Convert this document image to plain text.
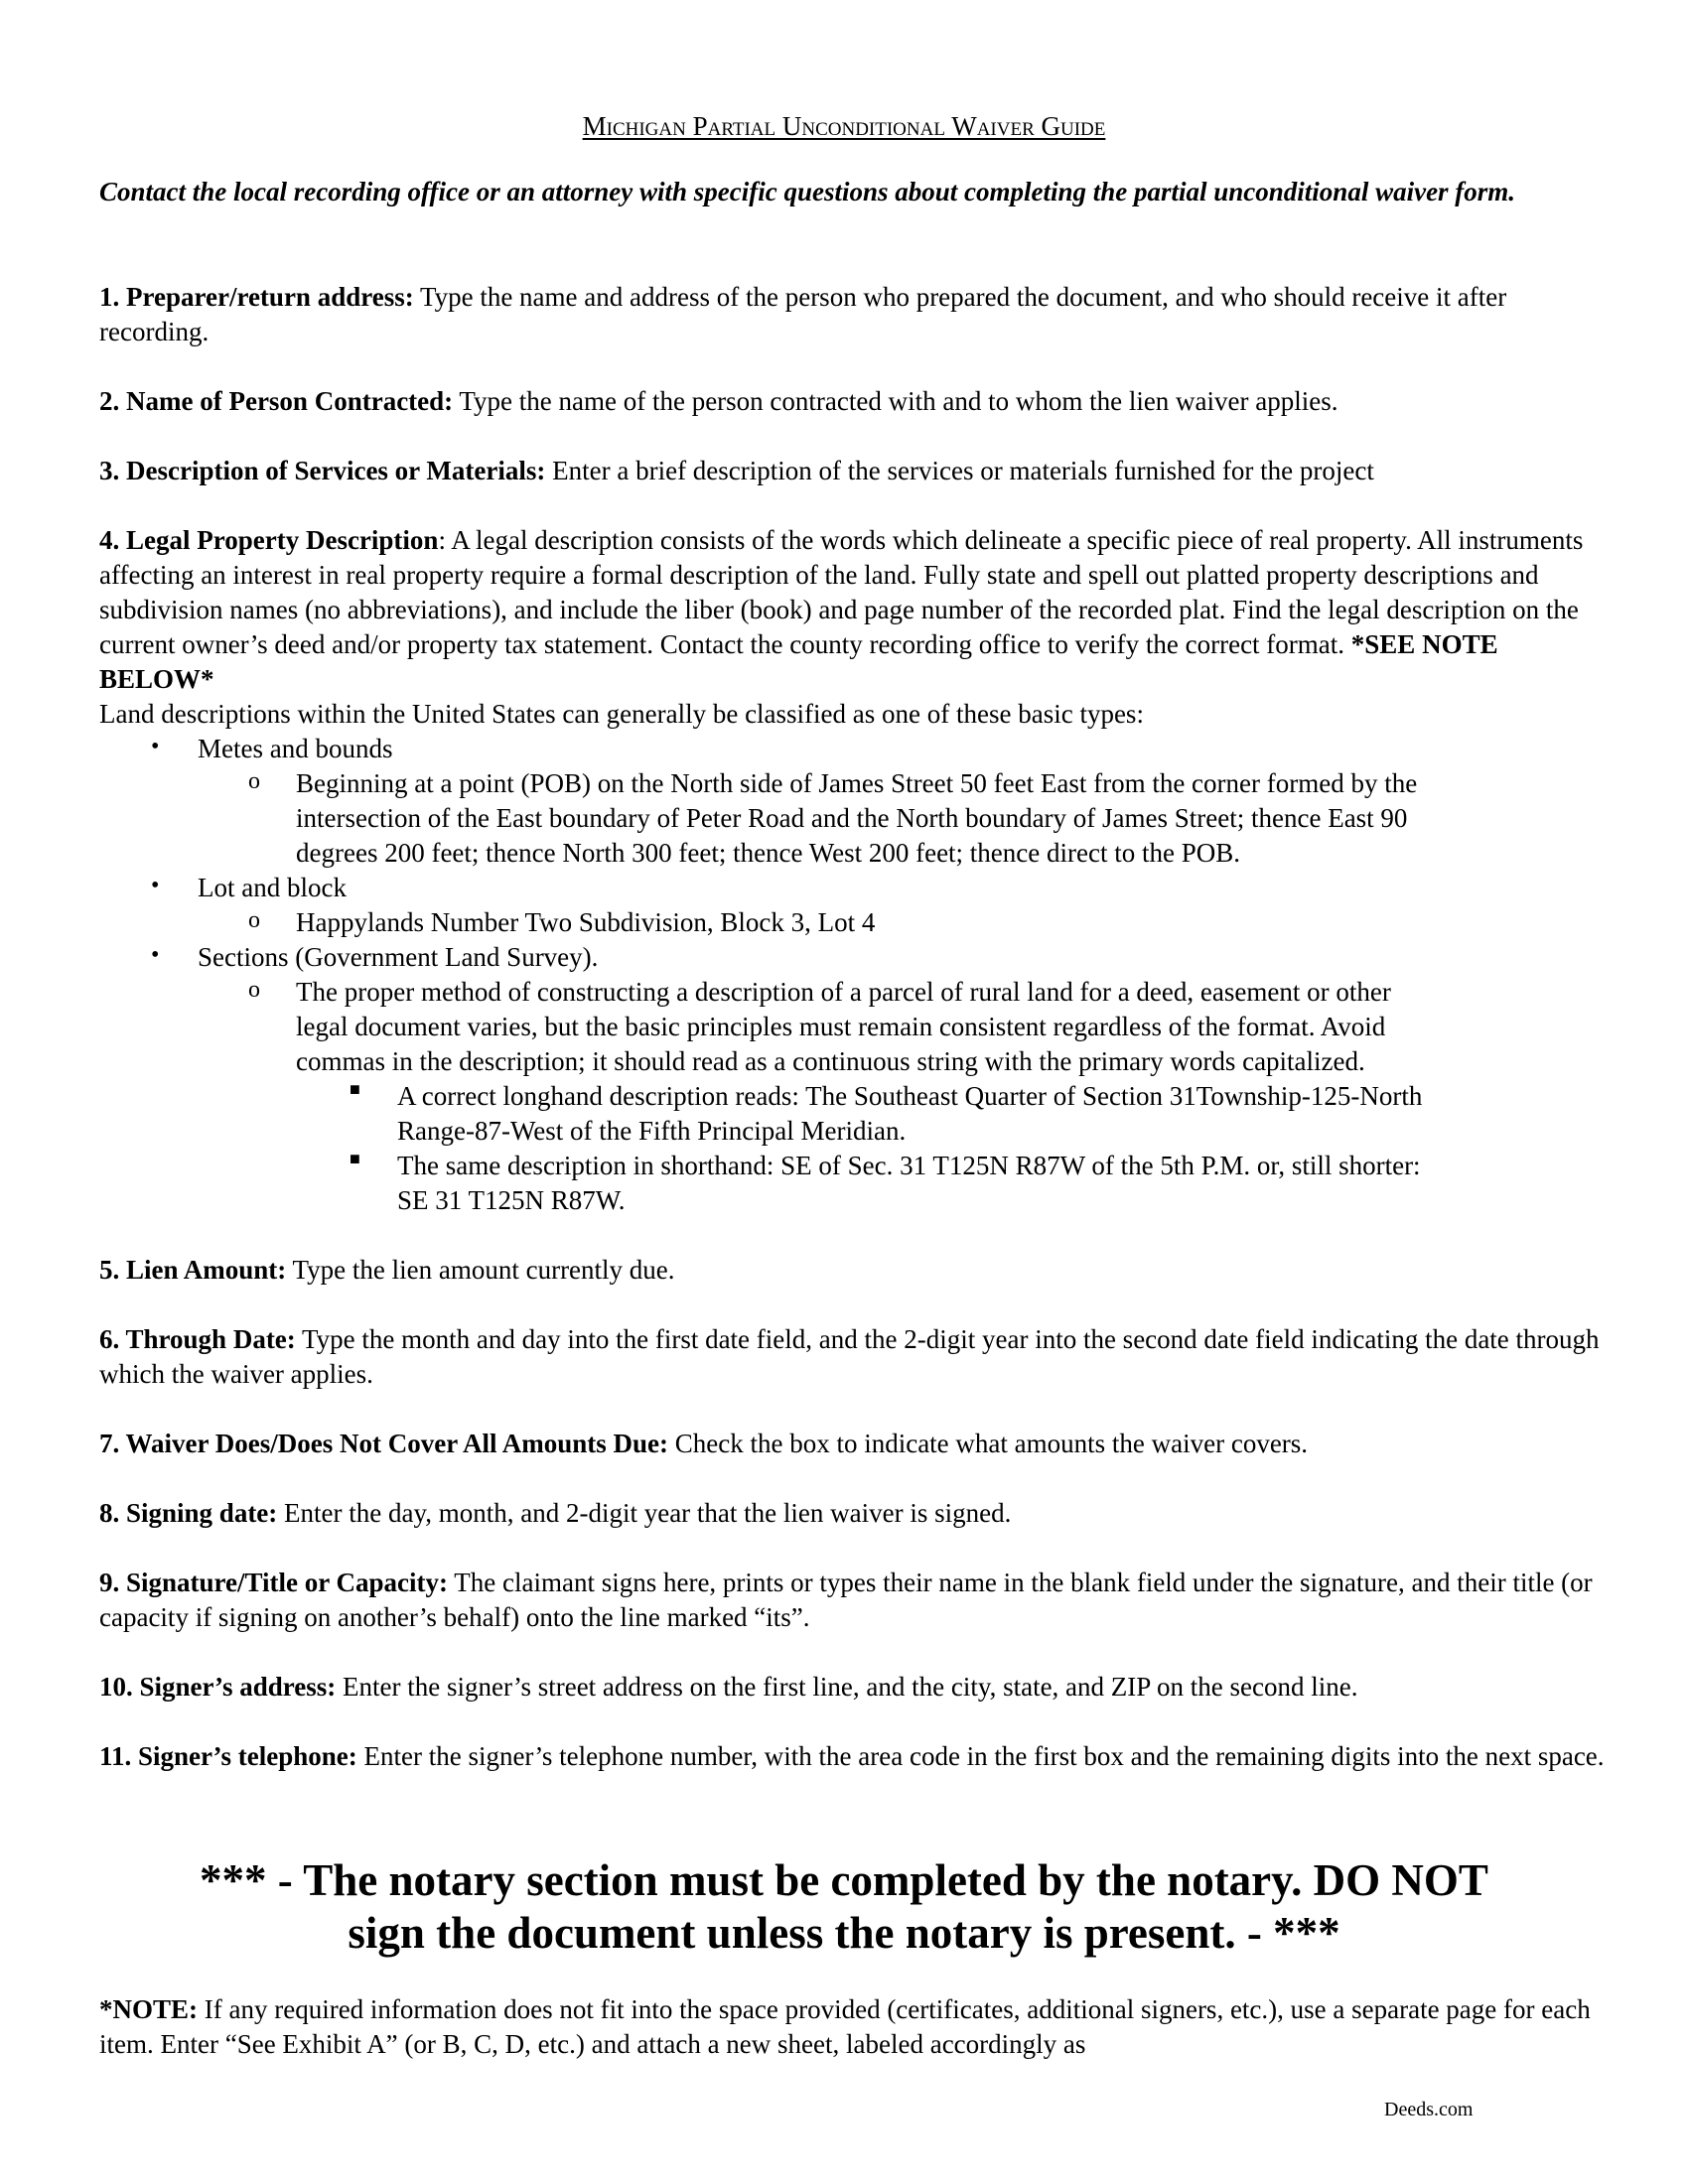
Michigan Partial Unconditional Waiver Guide
Contact the local recording office or an attorney with specific questions about completing the partial unconditional waiver form.
1. Preparer/return address: Type the name and address of the person who prepared the document, and who should receive it after recording.
2. Name of Person Contracted: Type the name of the person contracted with and to whom the lien waiver applies.
3. Description of Services or Materials: Enter a brief description of the services or materials furnished for the project
4. Legal Property Description: A legal description consists of the words which delineate a specific piece of real property. All instruments affecting an interest in real property require a formal description of the land. Fully state and spell out platted property descriptions and subdivision names (no abbreviations), and include the liber (book) and page number of the recorded plat. Find the legal description on the current owner’s deed and/or property tax statement. Contact the county recording office to verify the correct format. *SEE NOTE BELOW*
Land descriptions within the United States can generally be classified as one of these basic types:
• Metes and bounds
o Beginning at a point (POB) on the North side of James Street 50 feet East from the corner formed by the
intersection of the East boundary of Peter Road and the North boundary of James Street; thence East 90
degrees 200 feet; thence North 300 feet; thence West 200 feet; thence direct to the POB.
• Lot and block
o Happylands Number Two Subdivision, Block 3, Lot 4
• Sections (Government Land Survey).
o The proper method of constructing a description of a parcel of rural land for a deed, easement or other
legal document varies, but the basic principles must remain consistent regardless of the format. Avoid
commas in the description; it should read as a continuous string with the primary words capitalized.
■ A correct longhand description reads: The Southeast Quarter of Section 31Township-125-North
Range-87-West of the Fifth Principal Meridian.
■ The same description in shorthand: SE of Sec. 31 T125N R87W of the 5th P.M. or, still shorter:
SE 31 T125N R87W.
5. Lien Amount: Type the lien amount currently due.
6. Through Date: Type the month and day into the first date field, and the 2-digit year into the second date field indicating the date through which the waiver applies.
7. Waiver Does/Does Not Cover All Amounts Due: Check the box to indicate what amounts the waiver covers.
8. Signing date: Enter the day, month, and 2-digit year that the lien waiver is signed.
9. Signature/Title or Capacity: The claimant signs here, prints or types their name in the blank field under the signature, and their title (or capacity if signing on another’s behalf) onto the line marked “its”.
10. Signer’s address: Enter the signer’s street address on the first line, and the city, state, and ZIP on the second line.
11. Signer’s telephone: Enter the signer’s telephone number, with the area code in the first box and the remaining digits into the next space.
*** - The notary section must be completed by the notary. DO NOT
sign the document unless the notary is present. - ***
*NOTE: If any required information does not fit into the space provided (certificates, additional signers, etc.), use a separate page for each item. Enter “See Exhibit A” (or B, C, D, etc.) and attach a new sheet, labeled accordingly as
Deeds.com
